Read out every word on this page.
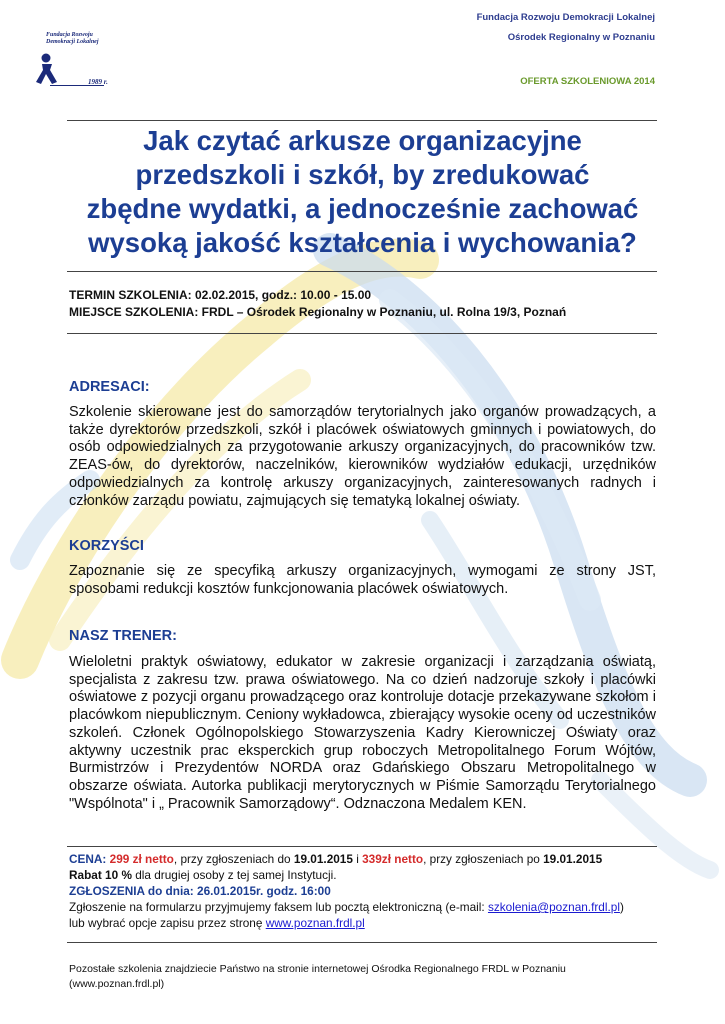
Fundacja Rozwoju
Demokracji Lokalnej
1989 r.
Fundacja Rozwoju Demokracji Lokalnej
Ośrodek Regionalny w Poznaniu
OFERTA SZKOLENIOWA 2014
Jak czytać arkusze organizacyjne
przedszkoli i szkół, by zredukować
zbędne wydatki, a jednocześnie zachować
wysoką jakość kształcenia i wychowania?
TERMIN SZKOLENIA: 02.02.2015, godz.: 10.00 - 15.00
MIEJSCE SZKOLENIA: FRDL – Ośrodek Regionalny w Poznaniu, ul. Rolna 19/3, Poznań
ADRESACI:
Szkolenie skierowane jest do samorządów terytorialnych jako organów prowadzących, a także dyrektorów przedszkoli, szkół i placówek oświatowych gminnych i powiatowych, do osób odpowiedzialnych za przygotowanie arkuszy organizacyjnych, do pracowników tzw. ZEAS-ów, do dyrektorów, naczelników, kierowników wydziałów edukacji, urzędników odpowiedzialnych za kontrolę arkuszy organizacyjnych, zainteresowanych radnych i członków zarządu powiatu, zajmujących się tematyką lokalnej oświaty.
KORZYŚCI
Zapoznanie się ze specyfiką arkuszy organizacyjnych, wymogami ze strony JST, sposobami redukcji kosztów funkcjonowania placówek oświatowych.
NASZ TRENER:
Wieloletni praktyk oświatowy, edukator w zakresie organizacji i zarządzania oświatą, specjalista z zakresu tzw. prawa oświatowego. Na co dzień nadzoruje szkoły i placówki oświatowe z pozycji organu prowadzącego oraz kontroluje dotacje przekazywane szkołom i placówkom niepublicznym. Ceniony wykładowca, zbierający wysokie oceny od uczestników szkoleń. Członek Ogólnopolskiego Stowarzyszenia Kadry Kierowniczej Oświaty oraz aktywny uczestnik prac eksperckich grup roboczych Metropolitalnego Forum Wójtów, Burmistrzów i Prezydentów NORDA oraz Gdańskiego Obszaru Metropolitalnego w obszarze oświata. Autorka publikacji merytorycznych w Piśmie Samorządu Terytorialnego "Wspólnota" i „ Pracownik Samorządowy“. Odznaczona Medalem KEN.
CENA: 299 zł netto, przy zgłoszeniach do 19.01.2015 i 339zł netto, przy zgłoszeniach po 19.01.2015
Rabat 10 % dla drugiej osoby z tej samej Instytucji.
ZGŁOSZENIA do dnia: 26.01.2015r. godz. 16:00
Zgłoszenie na formularzu przyjmujemy faksem lub pocztą elektroniczną (e-mail: szkolenia@poznan.frdl.pl)
lub wybrać opcje zapisu przez stronę www.poznan.frdl.pl
Pozostałe szkolenia znajdziecie Państwo na stronie internetowej Ośrodka Regionalnego FRDL w Poznaniu
(www.poznan.frdl.pl)
